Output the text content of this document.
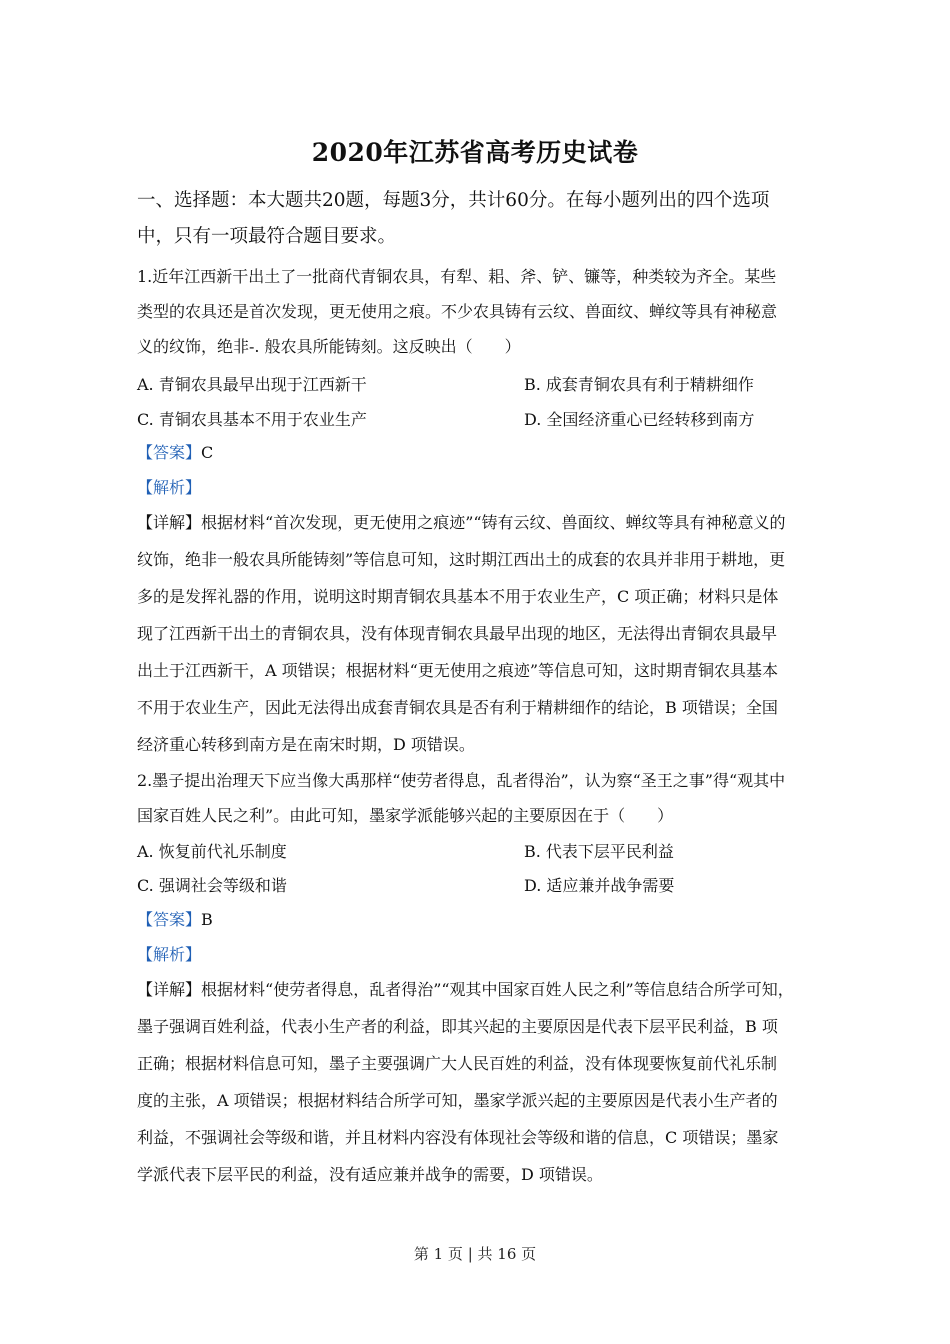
2020年江苏省高考历史试卷
一、选择题：本大题共20题，每题3分，共计60分。在每小题列出的四个选项
中，只有一项最符合题目要求。
1.近年江西新干出土了一批商代青铜农具，有犁、耜、斧、铲、镰等，种类较为齐全。某些
类型的农具还是首次发现，更无使用之痕。不少农具铸有云纹、兽面纹、蝉纹等具有神秘意
义的纹饰，绝非-. 般农具所能铸刻。这反映出（　　）
A. 青铜农具最早出现于江西新干	B. 成套青铜农具有利于精耕细作
C. 青铜农具基本不用于农业生产	D. 全国经济重心已经转移到南方
【答案】C
【解析】
【详解】根据材料“首次发现，更无使用之痕迹”“铸有云纹、兽面纹、蝉纹等具有神秘意义的
纹饰，绝非一般农具所能铸刻”等信息可知，这时期江西出土的成套的农具并非用于耕地，更
多的是发挥礼器的作用，说明这时期青铜农具基本不用于农业生产，C 项正确；材料只是体
现了江西新干出土的青铜农具，没有体现青铜农具最早出现的地区，无法得出青铜农具最早
出土于江西新干，A 项错误；根据材料“更无使用之痕迹”等信息可知，这时期青铜农具基本
不用于农业生产，因此无法得出成套青铜农具是否有利于精耕细作的结论，B 项错误；全国
经济重心转移到南方是在南宋时期，D 项错误。
2.墨子提出治理天下应当像大禹那样“使劳者得息，乱者得治”，认为察“圣王之事”得“观其中
国家百姓人民之利”。由此可知，墨家学派能够兴起的主要原因在于（　　）
A. 恢复前代礼乐制度	B. 代表下层平民利益
C. 强调社会等级和谐	D. 适应兼并战争需要
【答案】B
【解析】
【详解】根据材料“使劳者得息，乱者得治”“观其中国家百姓人民之利”等信息结合所学可知，
墨子强调百姓利益，代表小生产者的利益，即其兴起的主要原因是代表下层平民利益，B 项
正确；根据材料信息可知，墨子主要强调广大人民百姓的利益，没有体现要恢复前代礼乐制
度的主张，A 项错误；根据材料结合所学可知，墨家学派兴起的主要原因是代表小生产者的
利益，不强调社会等级和谐，并且材料内容没有体现社会等级和谐的信息，C 项错误；墨家
学派代表下层平民的利益，没有适应兼并战争的需要，D 项错误。
第 1 页 | 共 16 页
